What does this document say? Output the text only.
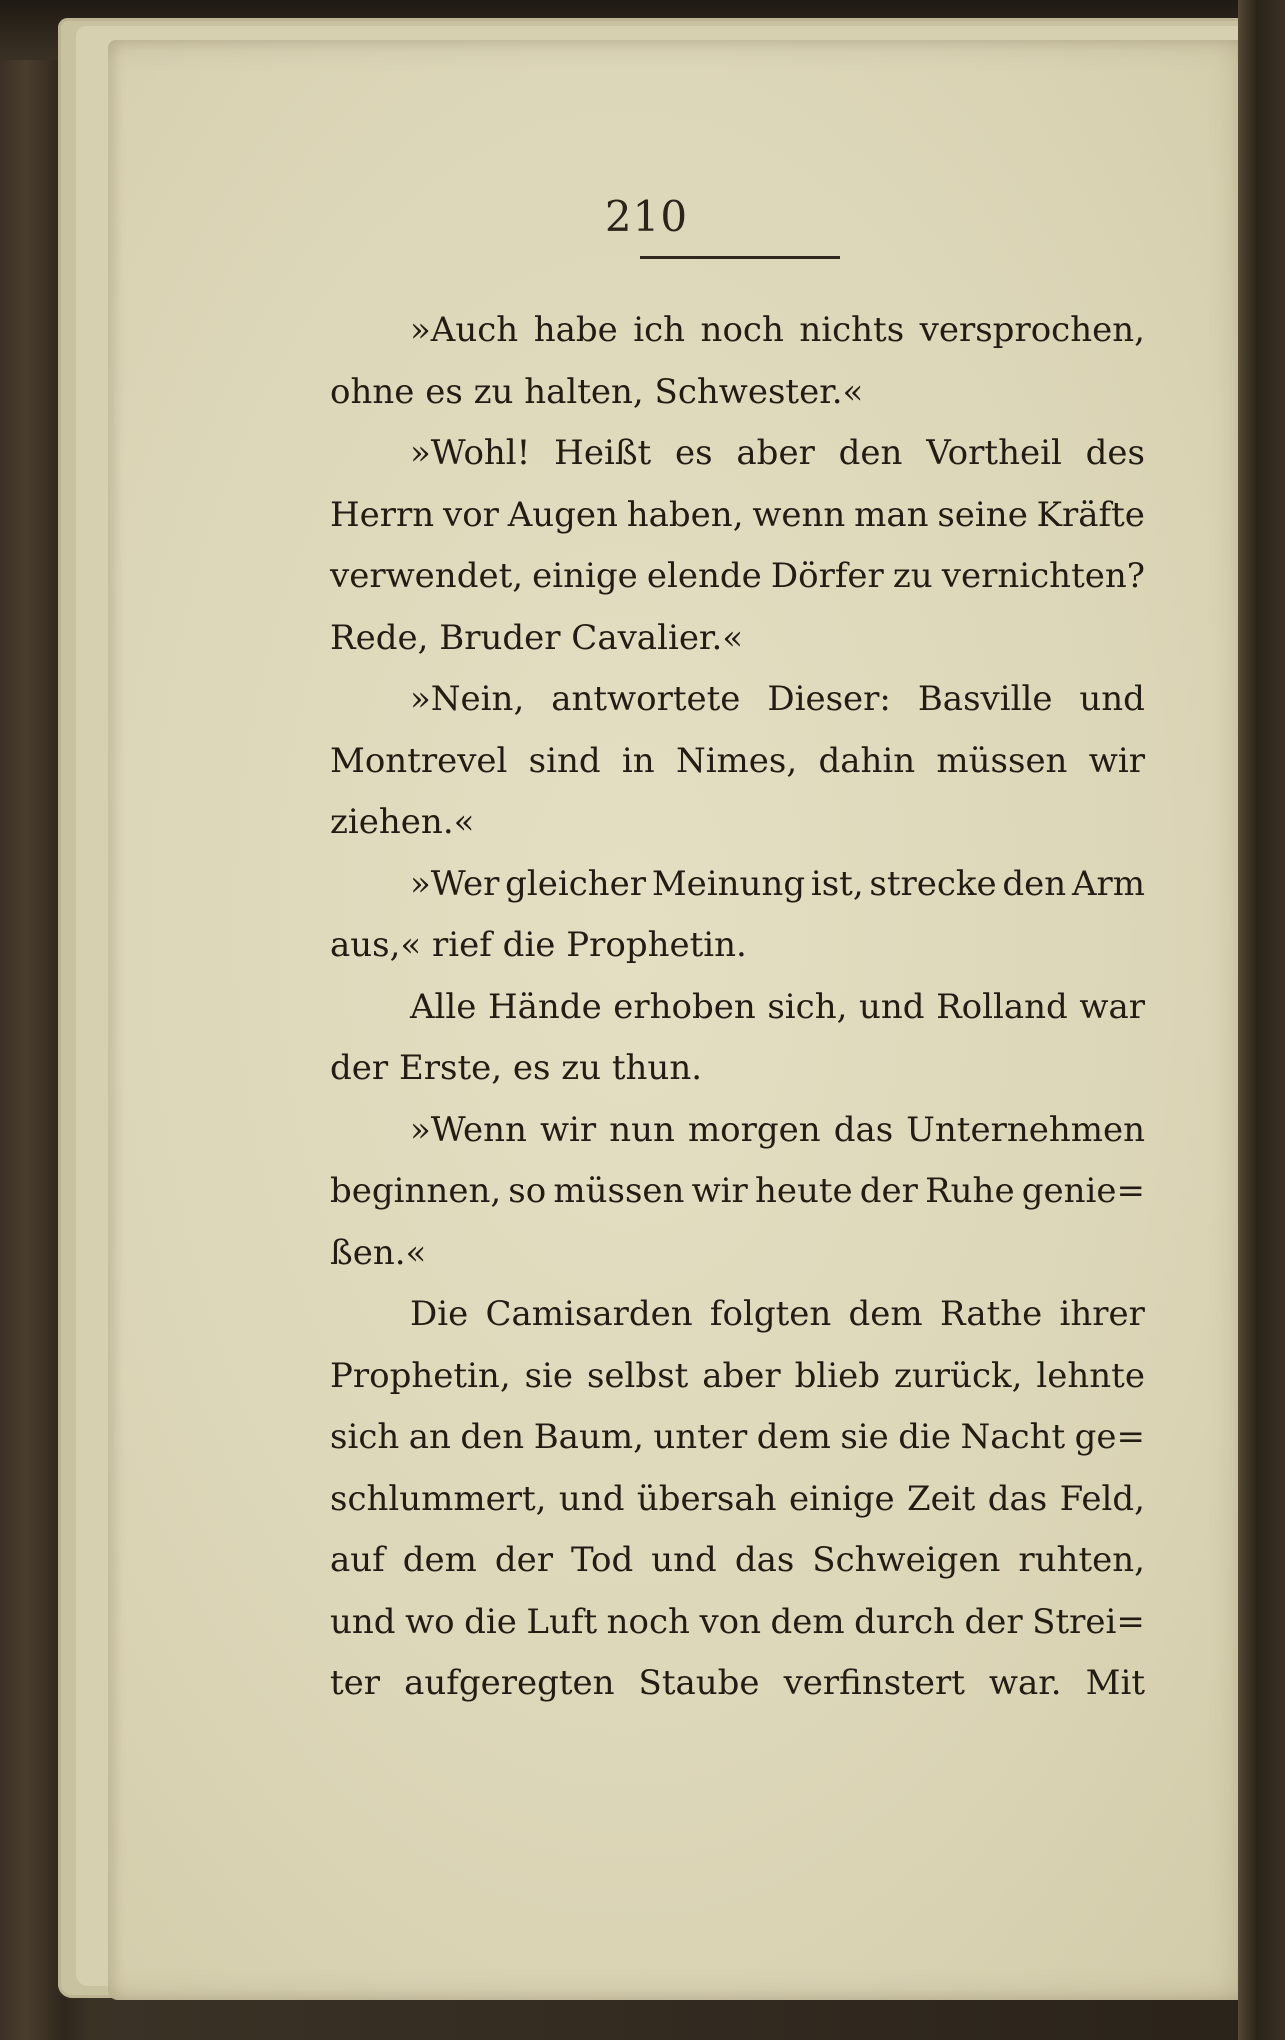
210
»Auch habe ich noch nichts versprochen,
ohne es zu halten, Schwester.«
»Wohl! Heißt es aber den Vortheil des
Herrn vor Augen haben, wenn man seine Kräfte
verwendet, einige elende Dörfer zu vernichten?
Rede, Bruder Cavalier.«
»Nein, antwortete Dieser: Basville und
Montrevel sind in Nimes, dahin müssen wir
ziehen.«
»Wer gleicher Meinung ist, strecke den Arm
aus,« rief die Prophetin.
Alle Hände erhoben sich, und Rolland war
der Erste, es zu thun.
»Wenn wir nun morgen das Unternehmen
beginnen, so müssen wir heute der Ruhe genie=
ßen.«
Die Camisarden folgten dem Rathe ihrer
Prophetin, sie selbst aber blieb zurück, lehnte
sich an den Baum, unter dem sie die Nacht ge=
schlummert, und übersah einige Zeit das Feld,
auf dem der Tod und das Schweigen ruhten,
und wo die Luft noch von dem durch der Strei=
ter aufgeregten Staube verfinstert war. Mit
